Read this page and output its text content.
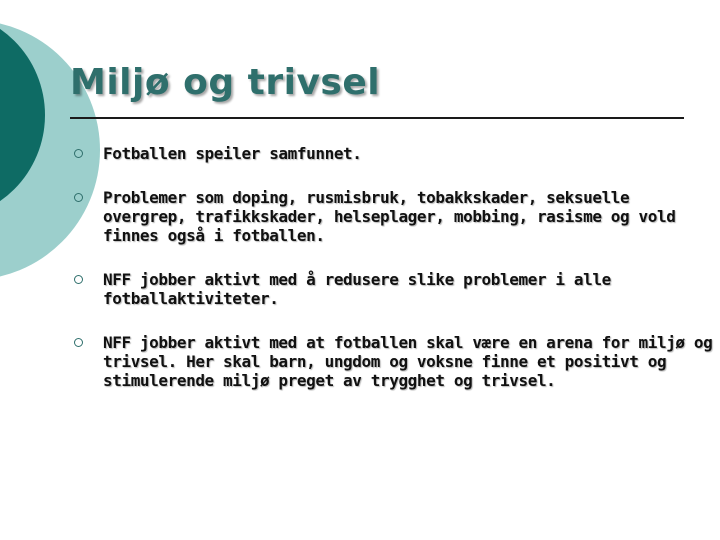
Miljø og trivsel
Fotballen speiler samfunnet.
Problemer som doping, rusmisbruk, tobakkskader, seksuelle overgrep, trafikkskader, helseplager, mobbing, rasisme og vold finnes også i fotballen.
NFF jobber aktivt med å redusere slike problemer i alle fotballaktiviteter.
NFF jobber aktivt med at fotballen skal være en arena for miljø og trivsel. Her skal barn, ungdom og voksne finne et positivt og stimulerende miljø preget av trygghet og trivsel.
